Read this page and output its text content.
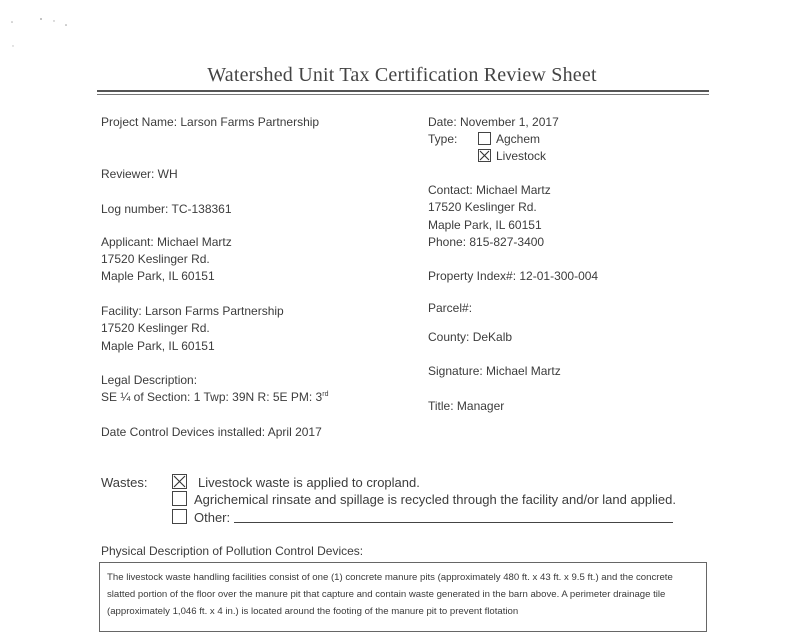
Watershed Unit Tax Certification Review Sheet
Project Name: Larson Farms Partnership
Reviewer: WH
Log number: TC-138361
Applicant: Michael Martz
17520 Keslinger Rd.
Maple Park, IL 60151
Facility: Larson Farms Partnership
17520 Keslinger Rd.
Maple Park, IL 60151
Legal Description:
SE ¼ of Section: 1 Twp: 39N R: 5E PM: 3rd
Date Control Devices installed: April 2017
Date: November 1, 2017
Type:	Agchem
Livestock
Contact: Michael Martz
17520 Keslinger Rd.
Maple Park, IL 60151
Phone: 815-827-3400
Property Index#: 12-01-300-004
Parcel#:
County: DeKalb
Signature: Michael Martz
Title: Manager
Wastes:	Livestock waste is applied to cropland.
Agrichemical rinsate and spillage is recycled through the facility and/or land applied.
Other:
Physical Description of Pollution Control Devices:
The livestock waste handling facilities consist of one (1) concrete manure pits (approximately 480 ft. x 43 ft. x 9.5 ft.) and the concrete slatted portion of the floor over the manure pit that capture and contain waste generated in the barn above. A perimeter drainage tile (approximately 1,046 ft. x 4 in.) is located around the footing of the manure pit to prevent flotation
